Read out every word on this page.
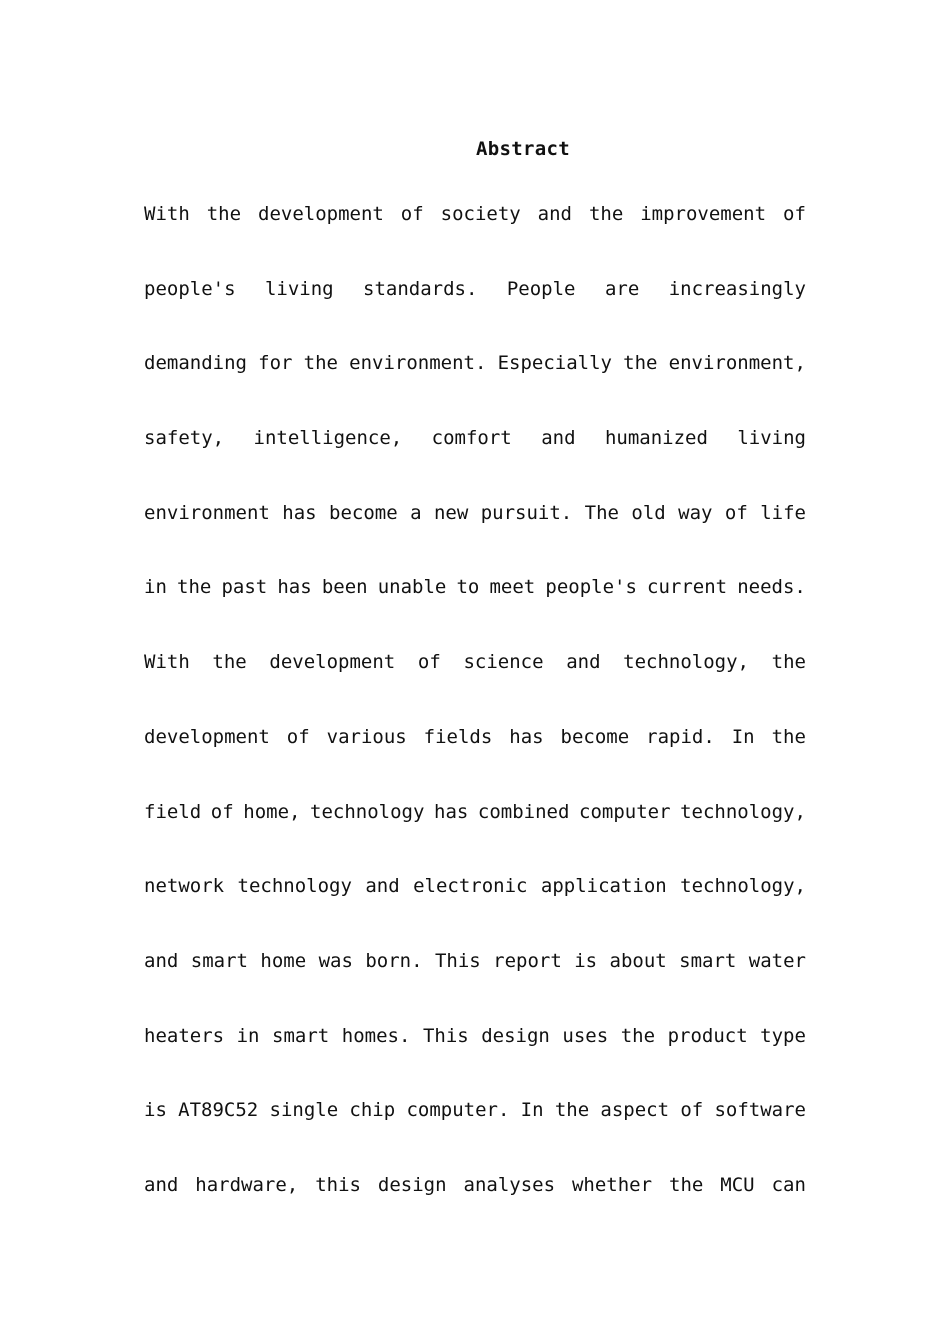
Abstract
With the development of society and the improvement of
people's living standards. People are increasingly
demanding for the environment. Especially the environment,
safety, intelligence, comfort and humanized living
environment has become a new pursuit. The old way of life
in the past has been unable to meet people's current needs.
With the development of science and technology, the
development of various fields has become rapid. In the
field of home, technology has combined computer technology,
network technology and electronic application technology,
and smart home was born. This report is about smart water
heaters in smart homes. This design uses the product type
is AT89C52 single chip computer. In the aspect of software
and hardware, this design analyses whether the MCU can
